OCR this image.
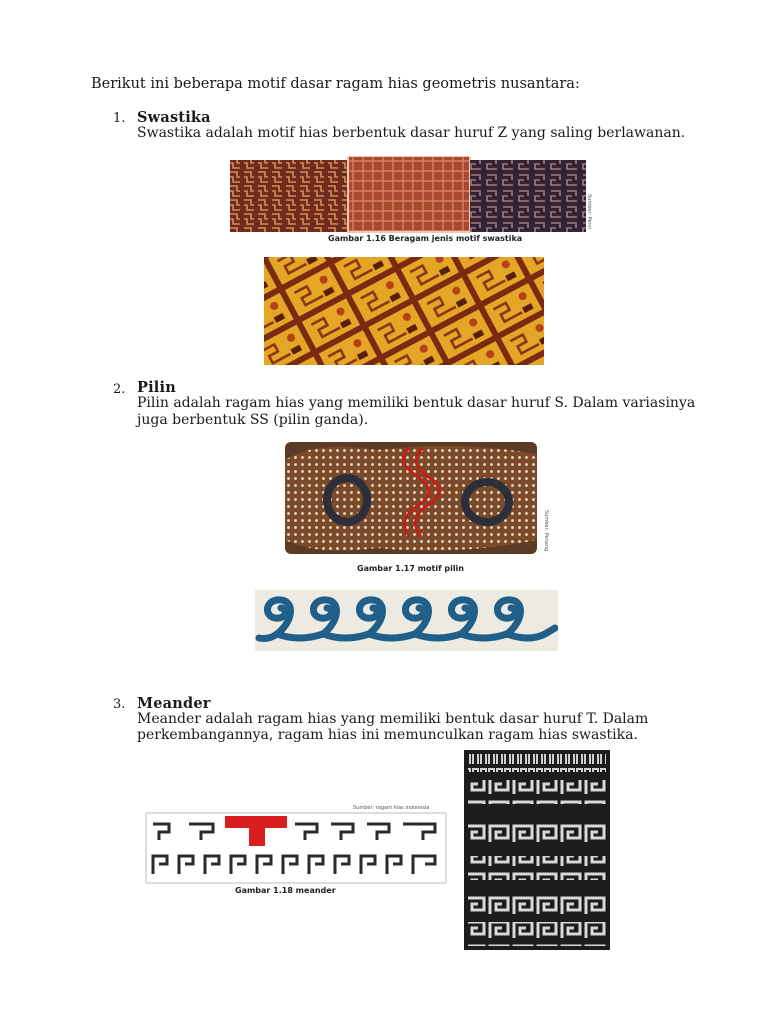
Berikut ini beberapa motif dasar ragam hias geometris nusantara:
1. Swastika
Swastika adalah motif hias berbentuk dasar huruf Z yang saling berlawanan.
Gambar 1.16 Beragam jenis motif swastika
Sumber: Penri
2. Pilin
Pilin adalah ragam hias yang memiliki bentuk dasar huruf S. Dalam variasinya
juga berbentuk SS (pilin ganda).
Gambar 1.17 motif pilin
Sumber: Penang
3. Meander
Meander adalah ragam hias yang memiliki bentuk dasar huruf T. Dalam
perkembangannya, ragam hias ini memunculkan ragam hias swastika.
Gambar 1.18 meander
Sumber: ragam hias indonesia
